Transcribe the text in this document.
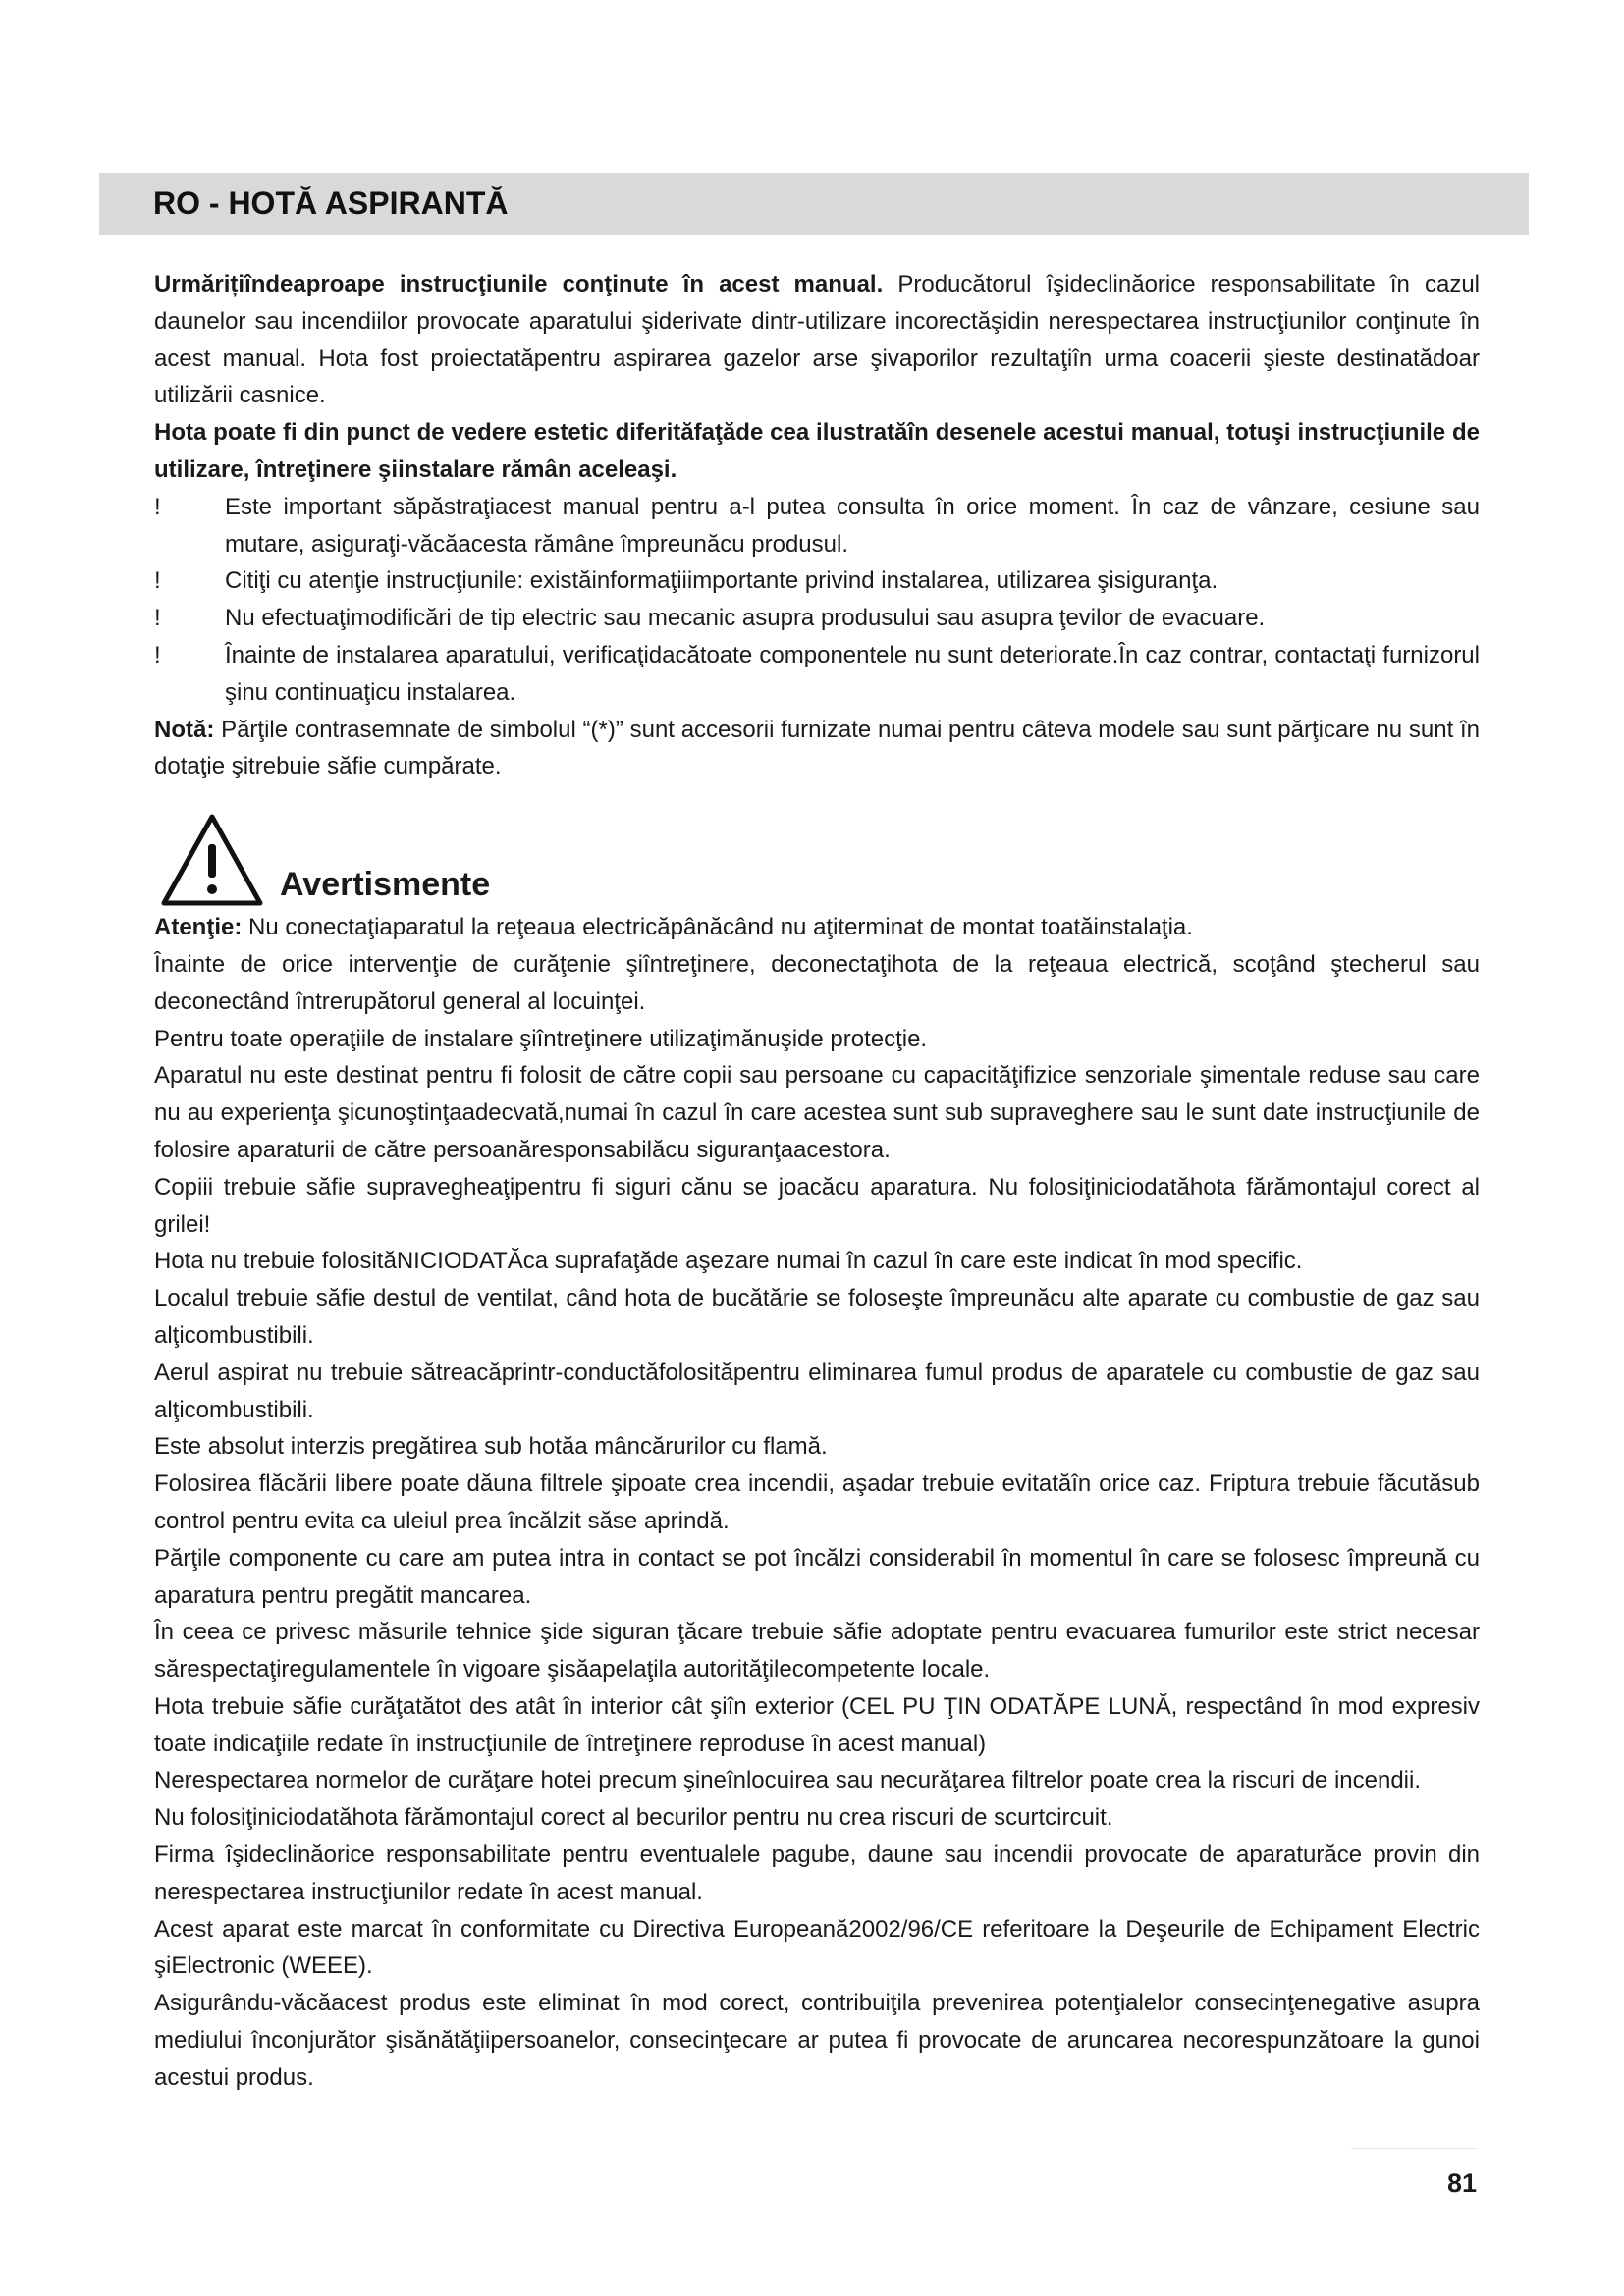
RO - HOTĂ ASPIRANTĂ

Urmărițiîndeaproape instrucţiunile conţinute în acest manual. Producătorul îşideclinăorice responsabilitate în cazul daunelor sau incendiilor provocate aparatului şiderivate dintr-utilizare incorectăşidin nerespectarea instrucţiunilor conţinute în acest manual. Hota fost proiectatăpentru aspirarea gazelor arse şivaporilor rezultaţiîn urma coacerii şieste destinatădoar utilizării casnice.

Hota poate fi din punct de vedere estetic diferităfaţăde cea ilustratăîn desenele acestui manual, totuşi instrucţiunile de utilizare, întreţinere şiinstalare rămân aceleaşi.

!	Este important săpăstraţiacest manual pentru a-l putea consulta în orice moment. În caz de vânzare, cesiune sau mutare, asiguraţi-văcăacesta rămâne împreunăcu produsul.

!	Citiţi cu atenţie instrucţiunile: existăinformaţiiimportante privind instalarea, utilizarea şisiguranţa.

!	Nu efectuaţimodificări de tip electric sau mecanic asupra produsului sau asupra ţevilor de evacuare.

!	Înainte de instalarea aparatului, verificaţidacătoate componentele nu sunt deteriorate.În caz contrar, contactaţi furnizorul şinu continuaţicu instalarea.

Notă: Părţile contrasemnate de simbolul “(*)” sunt accesorii furnizate numai pentru câteva modele sau sunt părţicare nu sunt în dotaţie şitrebuie săfie cumpărate.

Avertismente

Atenţie: Nu conectaţiaparatul la reţeaua electricăpânăcând nu aţiterminat de montat toatăinstalaţia.

Înainte de orice intervenţie de curăţenie şiîntreţinere, deconectaţihota de la reţeaua electrică, scoţând ştecherul sau deconectând întrerupătorul general al locuinţei.

Pentru toate operaţiile de instalare şiîntreţinere utilizaţimănuşide protecţie.

Aparatul nu este destinat pentru fi folosit de către copii sau persoane cu capacităţifizice senzoriale şimentale reduse sau care nu au experienţa şicunoştinţaadecvată,numai în cazul în care acestea sunt sub supraveghere sau le sunt date instrucţiunile de folosire aparaturii de către persoanăresponsabilăcu siguranţaacestora.

Copiii trebuie săfie supravegheaţipentru fi siguri cănu se joacăcu aparatura. Nu folosiţiniciodatăhota fărămontajul corect al grilei!

Hota nu trebuie folosităNICIODATĂca suprafaţăde aşezare numai în cazul în care este indicat în mod specific.

Localul trebuie săfie destul de ventilat, când hota de bucătărie se foloseşte împreunăcu alte aparate cu combustie de gaz sau alţicombustibili.

Aerul aspirat nu trebuie sătreacăprintr-conductăfolosităpentru eliminarea fumul produs de aparatele cu combustie de gaz sau alţicombustibili.

Este absolut interzis pregătirea sub hotăa mâncărurilor cu flamă.

Folosirea flăcării libere poate dăuna filtrele şipoate crea incendii, aşadar trebuie evitatăîn orice caz. Friptura trebuie făcutăsub control pentru evita ca uleiul prea încălzit săse aprindă.

Părţile componente cu care am putea intra in contact se pot încălzi considerabil în momentul în care se folosesc împreună cu aparatura pentru pregătit mancarea.

În ceea ce privesc măsurile tehnice şide siguran ţăcare trebuie săfie adoptate pentru evacuarea fumurilor este strict necesar sărespectaţiregulamentele în vigoare şisăapelaţila autorităţilecompetente locale.

Hota trebuie săfie curăţatătot des atât în interior cât şiîn exterior (CEL PU ŢIN ODATĂPE LUNĂ, respectând în mod expresiv toate indicaţiile redate în instrucţiunile de întreţinere reproduse în acest manual)

Nerespectarea normelor de curăţare hotei precum şineînlocuirea sau necurăţarea filtrelor poate crea la riscuri de incendii.

Nu folosiţiniciodatăhota fărămontajul corect al becurilor pentru nu crea riscuri de scurtcircuit.

Firma îşideclinăorice responsabilitate pentru eventualele pagube, daune sau incendii provocate de aparaturăce provin din nerespectarea instrucţiunilor redate în acest manual.

Acest aparat este marcat în conformitate cu Directiva Europeană2002/96/CE referitoare la Deşeurile de Echipament Electric şiElectronic (WEEE).

Asigurându-văcăacest produs este eliminat în mod corect, contribuiţila prevenirea potenţialelor consecinţenegative asupra mediului înconjurător şisănătăţiipersoanelor, consecinţecare ar putea fi provocate de aruncarea necorespunzătoare la gunoi acestui produs.

81
